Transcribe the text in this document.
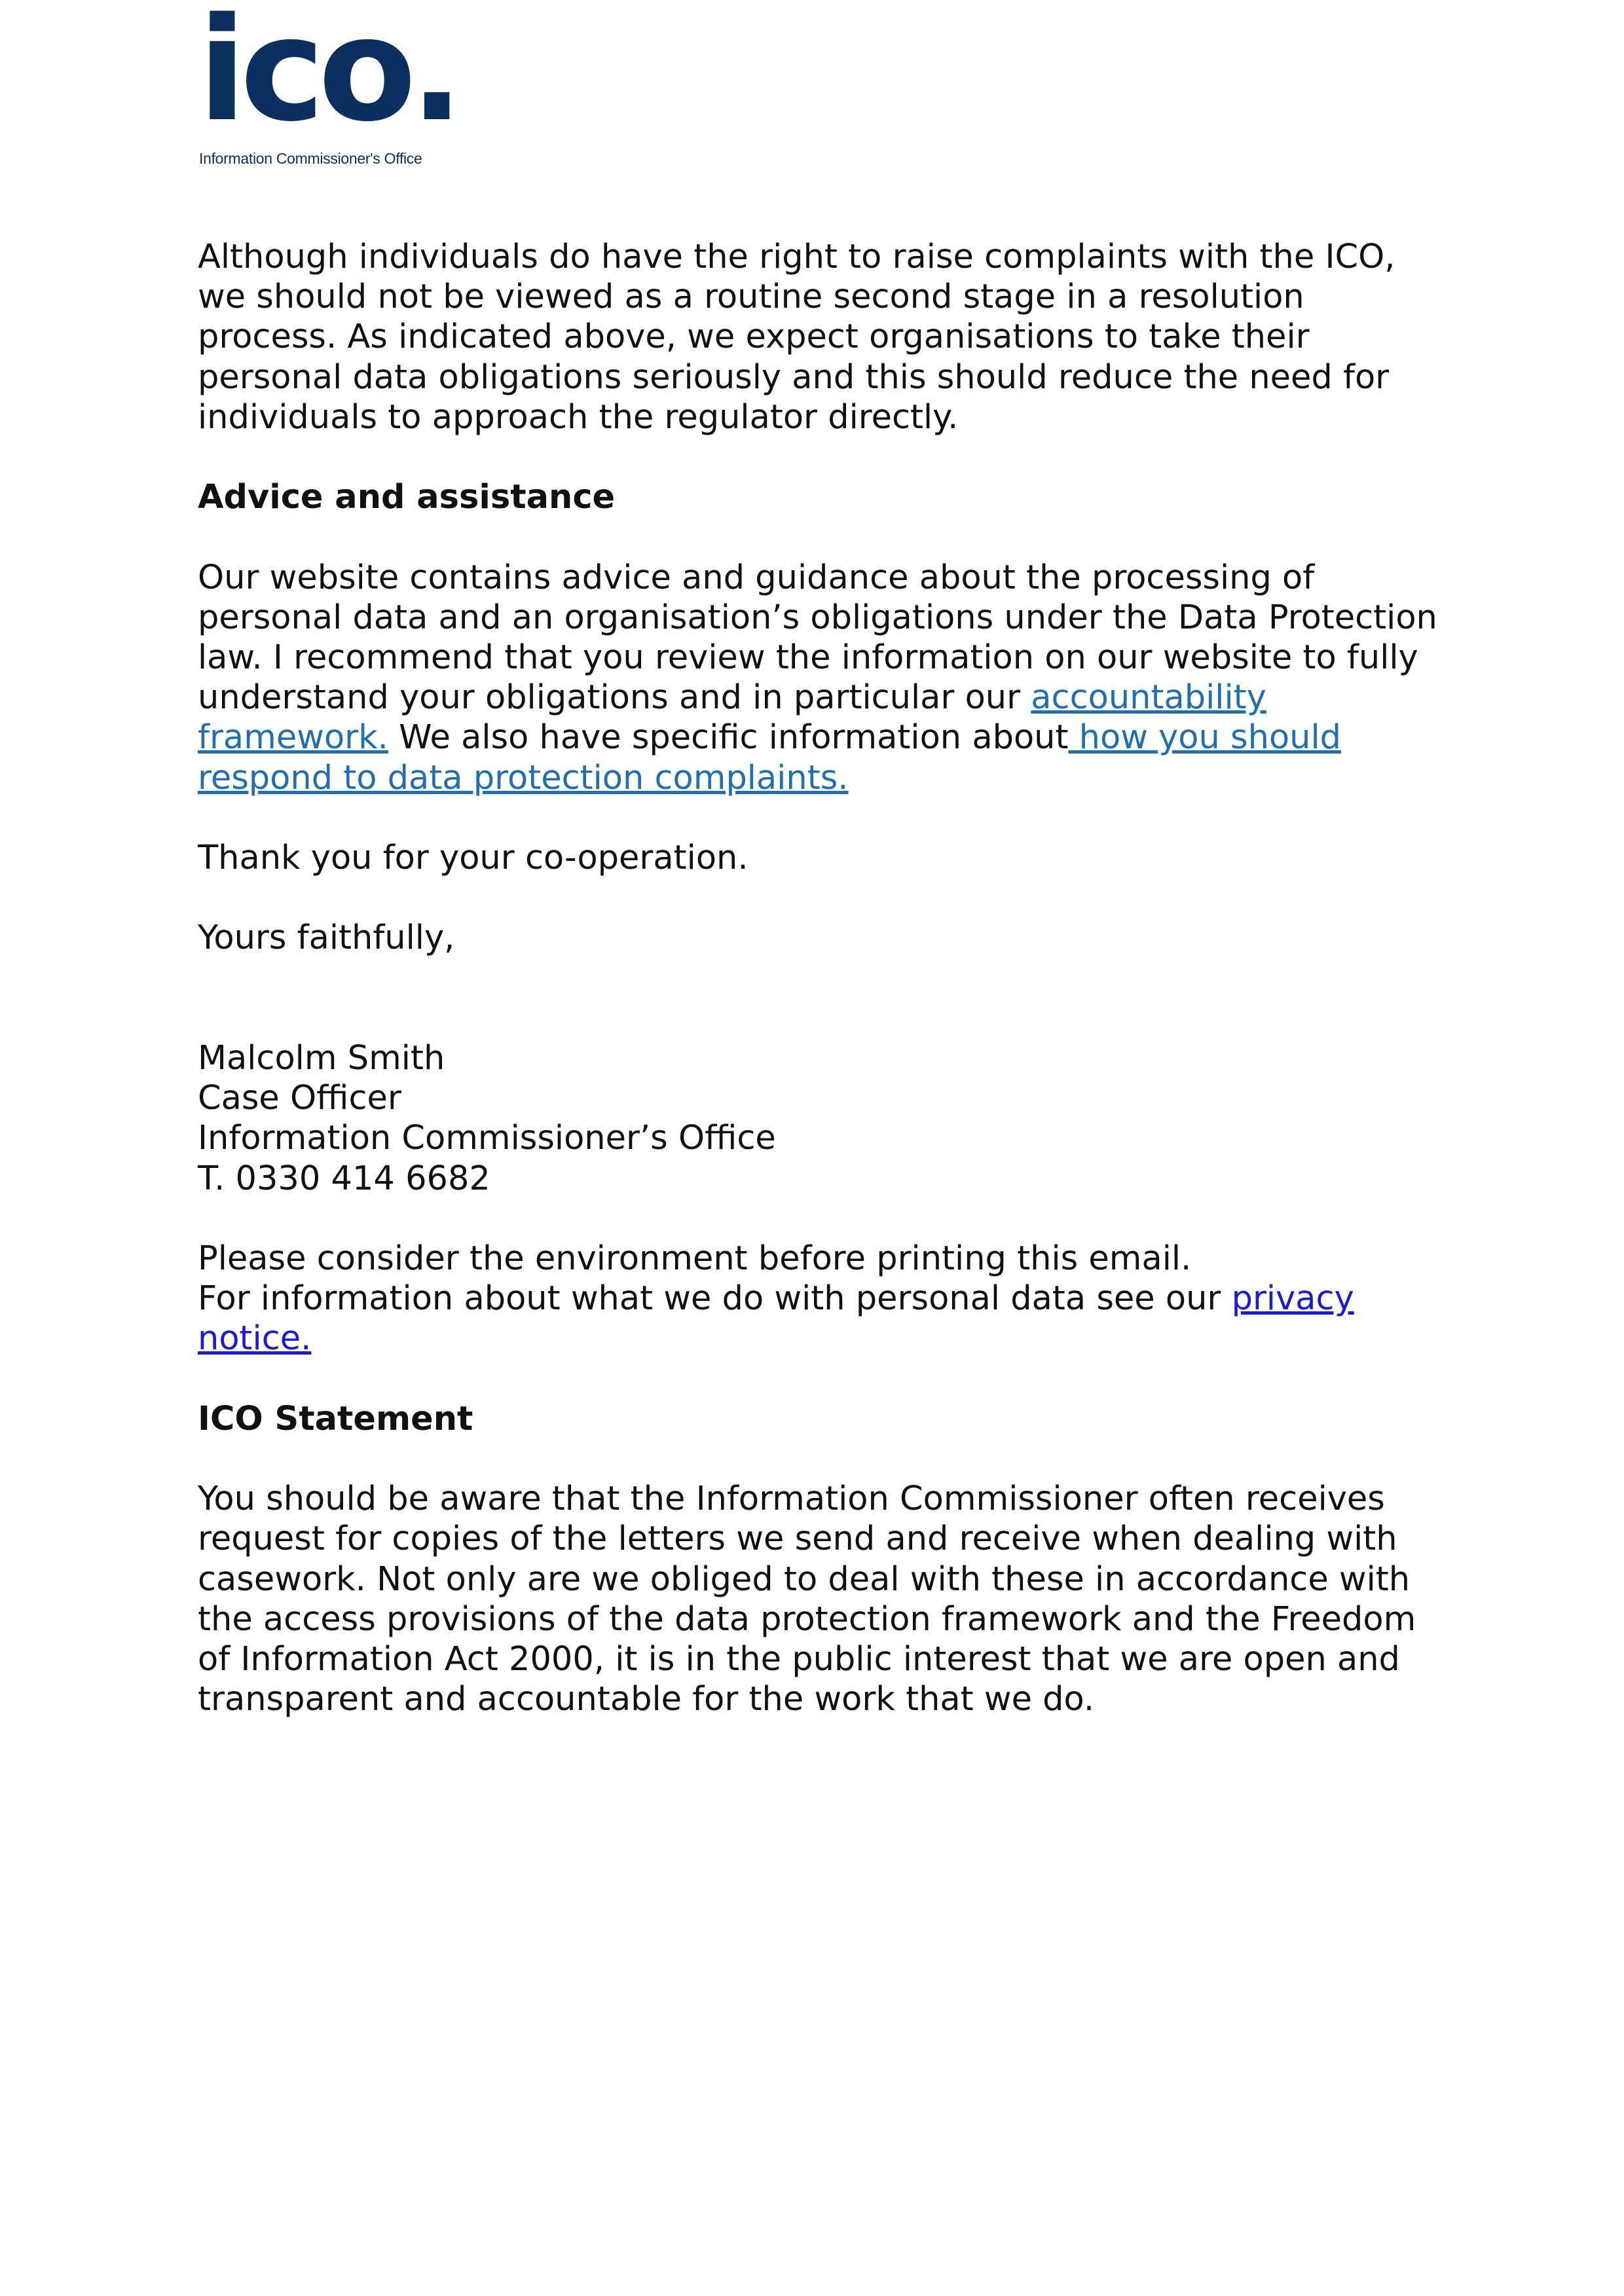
ico.
Information Commissioner's Office

Although individuals do have the right to raise complaints with the ICO, we should not be viewed as a routine second stage in a resolution process. As indicated above, we expect organisations to take their personal data obligations seriously and this should reduce the need for individuals to approach the regulator directly.

Advice and assistance

Our website contains advice and guidance about the processing of personal data and an organisation’s obligations under the Data Protection law. I recommend that you review the information on our website to fully understand your obligations and in particular our accountability framework. We also have specific information about how you should respond to data protection complaints.

Thank you for your co-operation.

Yours faithfully,

Malcolm Smith

Case Officer

Information Commissioner’s Office

T. 0330 414 6682

Please consider the environment before printing this email.

For information about what we do with personal data see our privacy notice.

ICO Statement

You should be aware that the Information Commissioner often receives request for copies of the letters we send and receive when dealing with casework. Not only are we obliged to deal with these in accordance with the access provisions of the data protection framework and the Freedom of Information Act 2000, it is in the public interest that we are open and transparent and accountable for the work that we do.
